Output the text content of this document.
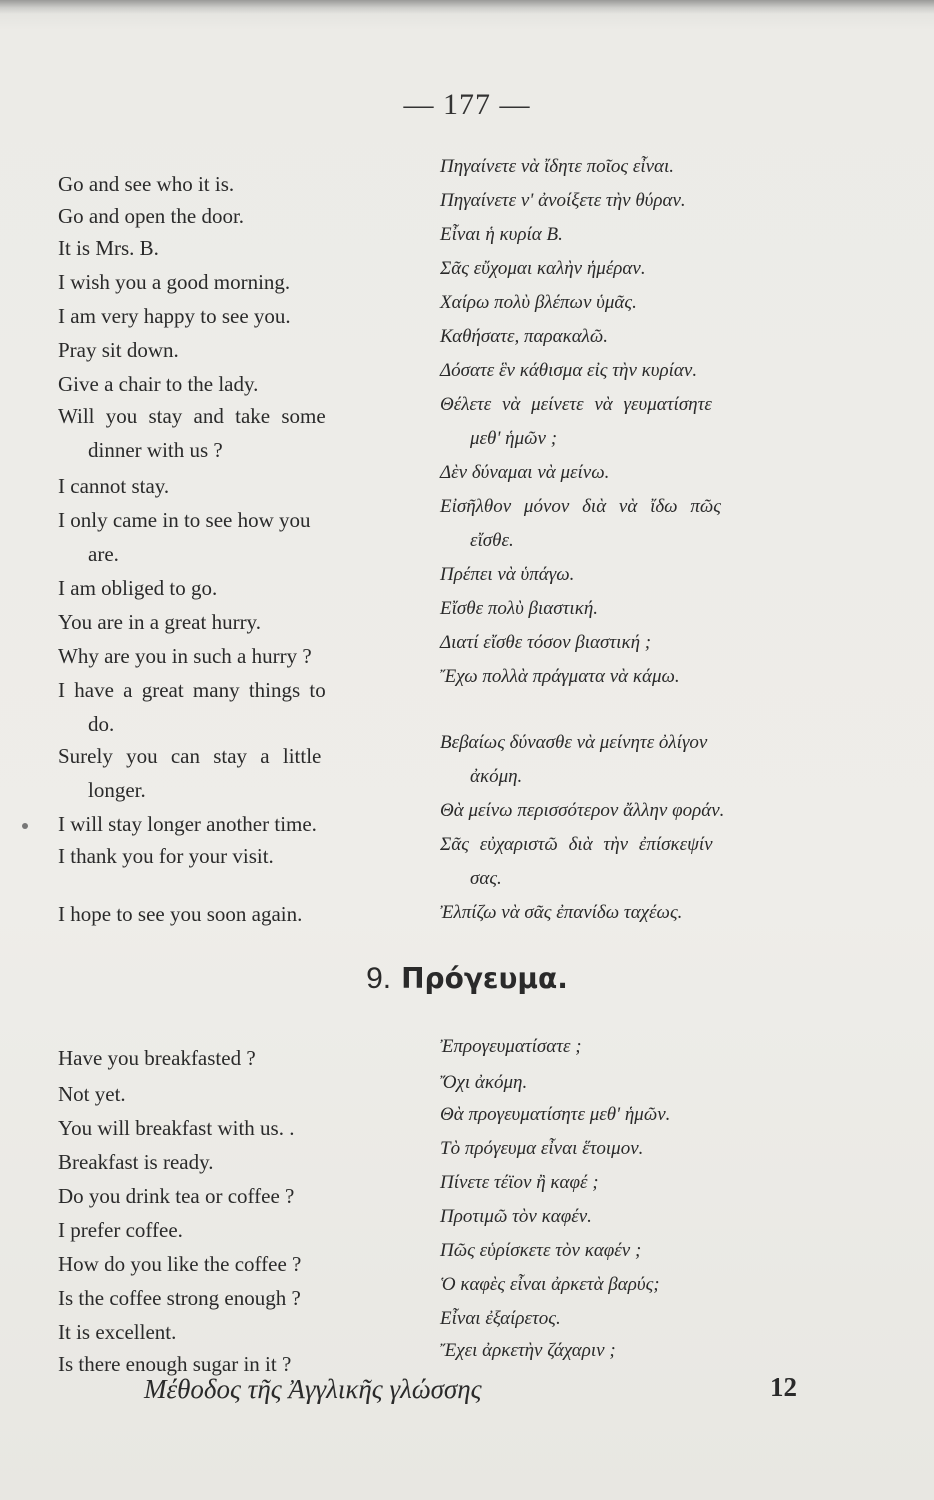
— 177 —
Go and see who it is.
Go and open the door.
It is Mrs. B.
I wish you a good morning.
I am very happy to see you.
Pray sit down.
Give a chair to the lady.
Will you stay and take some
dinner with us ?
I cannot stay.
I only came in to see how you
are.
I am obliged to go.
You are in a great hurry.
Why are you in such a hurry ?
I have a great many things to
do.
Surely you can stay a little
longer.
I will stay longer another time.
I thank you for your visit.
I hope to see you soon again.
Πηγαίνετε νὰ ἴδητε ποῖος εἶναι.
Πηγαίνετε ν' ἀνοίξετε τὴν θύραν.
Εἶναι ἡ κυρία Β.
Σᾶς εὔχομαι καλὴν ἡμέραν.
Χαίρω πολὺ βλέπων ὑμᾶς.
Καθήσατε, παρακαλῶ.
Δόσατε ἓν κάθισμα εἰς τὴν κυρίαν.
Θέλετε νὰ μείνετε νὰ γευματίσητε
μεθ' ἡμῶν ;
Δὲν δύναμαι νὰ μείνω.
Εἰσῆλθον μόνον διὰ νὰ ἴδω πῶς
εἴσθε.
Πρέπει νὰ ὑπάγω.
Εἴσθε πολὺ βιαστική.
Διατί εἴσθε τόσον βιαστική ;
Ἔχω πολλὰ πράγματα νὰ κάμω.
Βεβαίως δύνασθε νὰ μείνητε ὀλίγον
ἀκόμη.
Θὰ μείνω περισσότερον ἄλλην φοράν.
Σᾶς εὐχαριστῶ διὰ τὴν ἐπίσκεψίν
σας.
Ἐλπίζω νὰ σᾶς ἐπανίδω ταχέως.
9. Πρόγευμα.
Have you breakfasted ?
Not yet.
You will breakfast with us. .
Breakfast is ready.
Do you drink tea or coffee ?
I prefer coffee.
How do you like the coffee ?
Is the coffee strong enough ?
It is excellent.
Is there enough sugar in it ?
Ἐπρογευματίσατε ;
Ὄχι ἀκόμη.
Θὰ προγευματίσητε μεθ' ἡμῶν.
Τὸ πρόγευμα εἶναι ἕτοιμον.
Πίνετε τέϊον ἢ καφέ ;
Προτιμῶ τὸν καφέν.
Πῶς εὑρίσκετε τὸν καφέν ;
Ὁ καφὲς εἶναι ἀρκετὰ βαρύς;
Εἶναι ἐξαίρετος.
Ἔχει ἀρκετὴν ζάχαριν ;
Μέθοδος τῆς Ἀγγλικῆς γλώσσης	12
